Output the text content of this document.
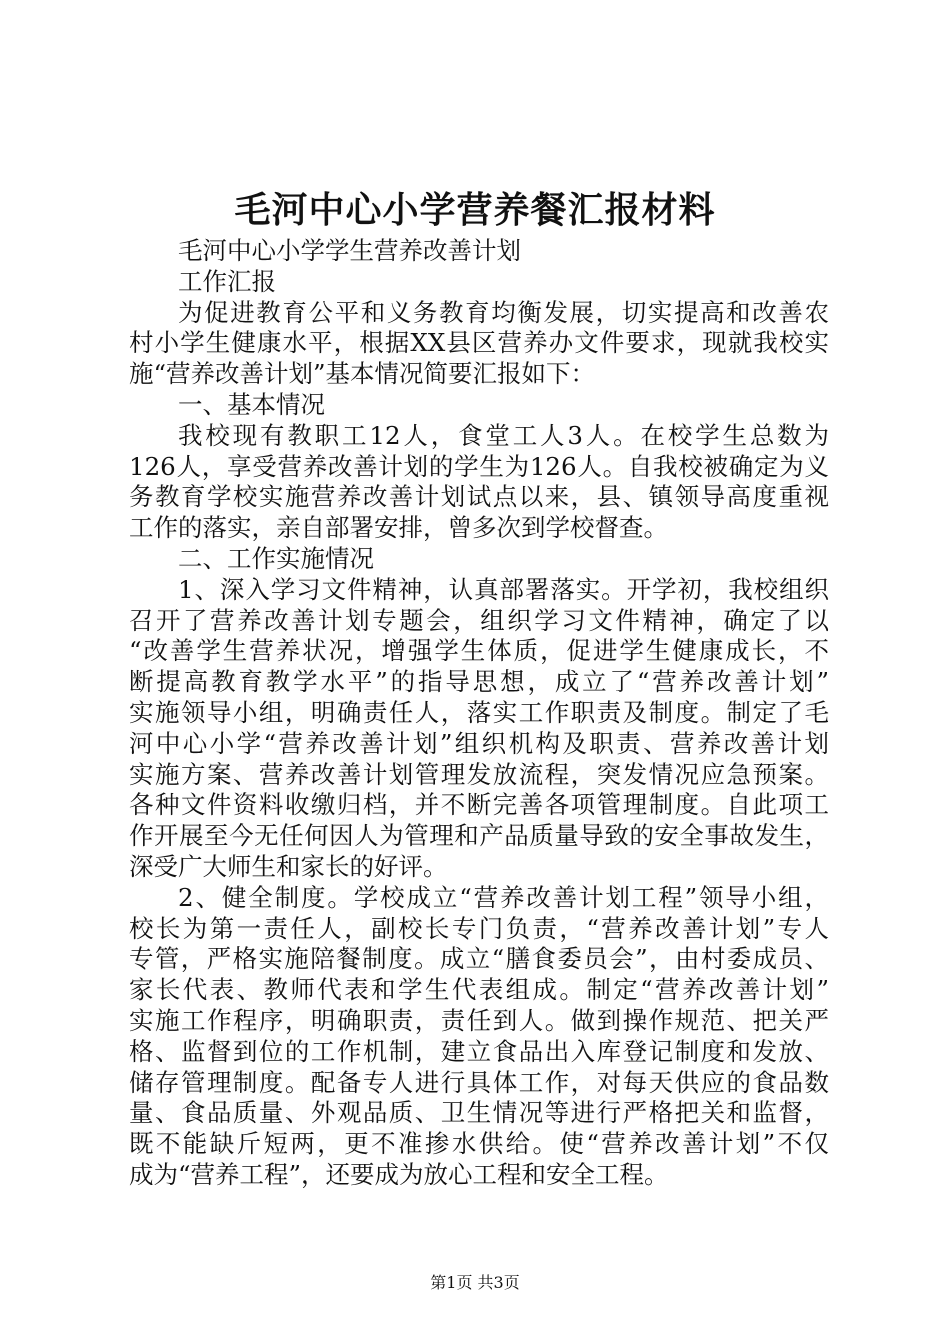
毛河中心小学营养餐汇报材料
毛河中心小学学生营养改善计划
工作汇报
为促进教育公平和义务教育均衡发展，切实提高和改善农
村小学生健康水平，根据XX县区营养办文件要求，现就我校实
施“营养改善计划”基本情况简要汇报如下：
一、基本情况
我校现有教职工12人，食堂工人3人。在校学生总数为
126人，享受营养改善计划的学生为126人。自我校被确定为义
务教育学校实施营养改善计划试点以来，县、镇领导高度重视
工作的落实，亲自部署安排，曾多次到学校督查。
二、工作实施情况
1、深入学习文件精神，认真部署落实。开学初，我校组织
召开了营养改善计划专题会，组织学习文件精神，确定了以
“改善学生营养状况，增强学生体质，促进学生健康成长，不
断提高教育教学水平”的指导思想，成立了“营养改善计划”
实施领导小组，明确责任人，落实工作职责及制度。制定了毛
河中心小学“营养改善计划”组织机构及职责、营养改善计划
实施方案、营养改善计划管理发放流程，突发情况应急预案。
各种文件资料收缴归档，并不断完善各项管理制度。自此项工
作开展至今无任何因人为管理和产品质量导致的安全事故发生，
深受广大师生和家长的好评。
2、健全制度。学校成立“营养改善计划工程”领导小组，
校长为第一责任人，副校长专门负责，“营养改善计划”专人
专管，严格实施陪餐制度。成立“膳食委员会”，由村委成员、
家长代表、教师代表和学生代表组成。制定“营养改善计划”
实施工作程序，明确职责，责任到人。做到操作规范、把关严
格、监督到位的工作机制，建立食品出入库登记制度和发放、
储存管理制度。配备专人进行具体工作，对每天供应的食品数
量、食品质量、外观品质、卫生情况等进行严格把关和监督，
既不能缺斤短两，更不准掺水供给。使“营养改善计划”不仅
成为“营养工程”，还要成为放心工程和安全工程。
第1页 共3页
